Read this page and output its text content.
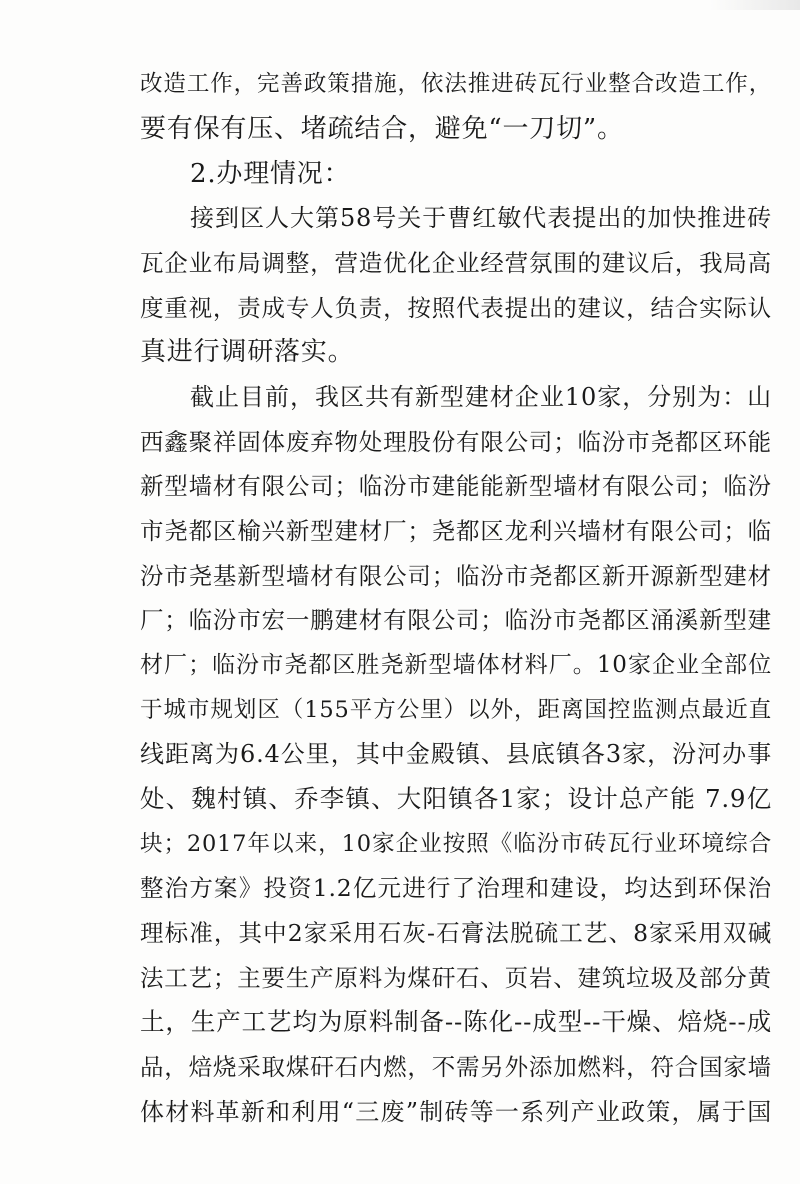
改造工作，完善政策措施，依法推进砖瓦行业整合改造工作，
要有保有压、堵疏结合，避免“一刀切”。
2.办理情况：
接到区人大第58号关于曹红敏代表提出的加快推进砖
瓦企业布局调整，营造优化企业经营氛围的建议后，我局高
度重视，责成专人负责，按照代表提出的建议，结合实际认
真进行调研落实。
截止目前，我区共有新型建材企业10家，分别为：山
西鑫聚祥固体废弃物处理股份有限公司；临汾市尧都区环能
新型墙材有限公司；临汾市建能能新型墙材有限公司；临汾
市尧都区榆兴新型建材厂；尧都区龙利兴墙材有限公司；临
汾市尧基新型墙材有限公司；临汾市尧都区新开源新型建材
厂；临汾市宏一鹏建材有限公司；临汾市尧都区涌溪新型建
材厂；临汾市尧都区胜尧新型墙体材料厂。10家企业全部位
于城市规划区（155平方公里）以外，距离国控监测点最近直
线距离为6.4公里，其中金殿镇、县底镇各3家，汾河办事
处、魏村镇、乔李镇、大阳镇各1家；设计总产能 7.9亿
块；2017年以来，10家企业按照《临汾市砖瓦行业环境综合
整治方案》投资1.2亿元进行了治理和建设，均达到环保治
理标准，其中2家采用石灰-石膏法脱硫工艺、8家采用双碱
法工艺；主要生产原料为煤矸石、页岩、建筑垃圾及部分黄
土，生产工艺均为原料制备--陈化--成型--干燥、焙烧--成
品，焙烧采取煤矸石内燃，不需另外添加燃料，符合国家墙
体材料革新和利用“三废”制砖等一系列产业政策，属于国
